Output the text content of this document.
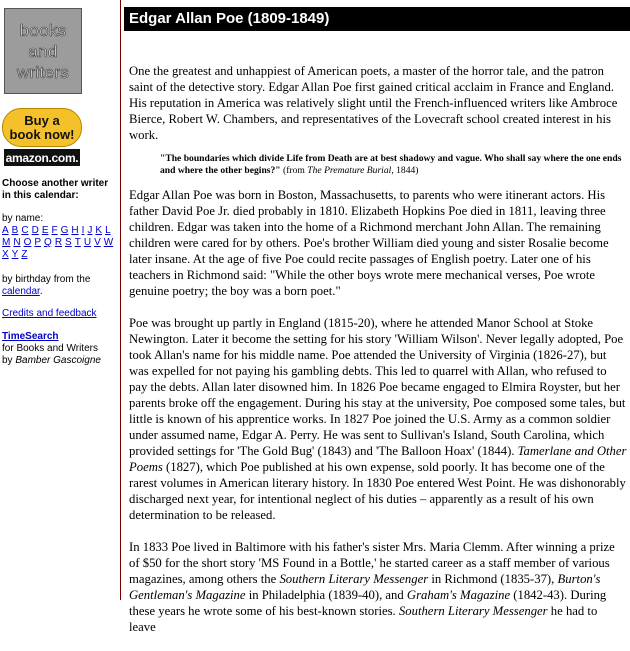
books
and
writers
Buy a
book now!
amazon.com.
Choose another writer in this calendar:
by name:
A B C D E F G H I J K L
M N O P Q R S T U V W
X Y Z
by birthday from the calendar.
Credits and feedback
TimeSearch
for Books and Writers
by Bamber Gascoigne
Edgar Allan Poe (1809-1849)

One the greatest and unhappiest of American poets, a master of the horror tale, and the patron saint of the detective story. Edgar Allan Poe first gained critical acclaim in France and England. His reputation in America was relatively slight until the French-influenced writers like Ambroce Bierce, Robert W. Chambers, and representatives of the Lovecraft school created interest in his work.

"The boundaries which divide Life from Death are at best shadowy and vague. Who shall say where the one ends and where the other begins?" (from The Premature Burial, 1844)

Edgar Allan Poe was born in Boston, Massachusetts, to parents who were itinerant actors. His father David Poe Jr. died probably in 1810. Elizabeth Hopkins Poe died in 1811, leaving three children. Edgar was taken into the home of a Richmond merchant John Allan. The remaining children were cared for by others. Poe's brother William died young and sister Rosalie become later insane. At the age of five Poe could recite passages of English poetry. Later one of his teachers in Richmond said: "While the other boys wrote mere mechanical verses, Poe wrote genuine poetry; the boy was a born poet."

Poe was brought up partly in England (1815-20), where he attended Manor School at Stoke Newington. Later it become the setting for his story 'William Wilson'. Never legally adopted, Poe took Allan's name for his middle name. Poe attended the University of Virginia (1826-27), but was expelled for not paying his gambling debts. This led to quarrel with Allan, who refused to pay the debts. Allan later disowned him. In 1826 Poe became engaged to Elmira Royster, but her parents broke off the engagement. During his stay at the university, Poe composed some tales, but little is known of his apprentice works. In 1827 Poe joined the U.S. Army as a common soldier under assumed name, Edgar A. Perry. He was sent to Sullivan's Island, South Carolina, which provided settings for 'The Gold Bug' (1843) and 'The Balloon Hoax' (1844). Tamerlane and Other Poems (1827), which Poe published at his own expense, sold poorly. It has become one of the rarest volumes in American literary history. In 1830 Poe entered West Point. He was dishonorably discharged next year, for intentional neglect of his duties – apparently as a result of his own determination to be released.

In 1833 Poe lived in Baltimore with his father's sister Mrs. Maria Clemm. After winning a prize of $50 for the short story 'MS Found in a Bottle,' he started career as a staff member of various magazines, among others the Southern Literary Messenger in Richmond (1835-37), Burton's Gentleman's Magazine in Philadelphia (1839-40), and Graham's Magazine (1842-43). During these years he wrote some of his best-known stories. Southern Literary Messenger he had to leave
